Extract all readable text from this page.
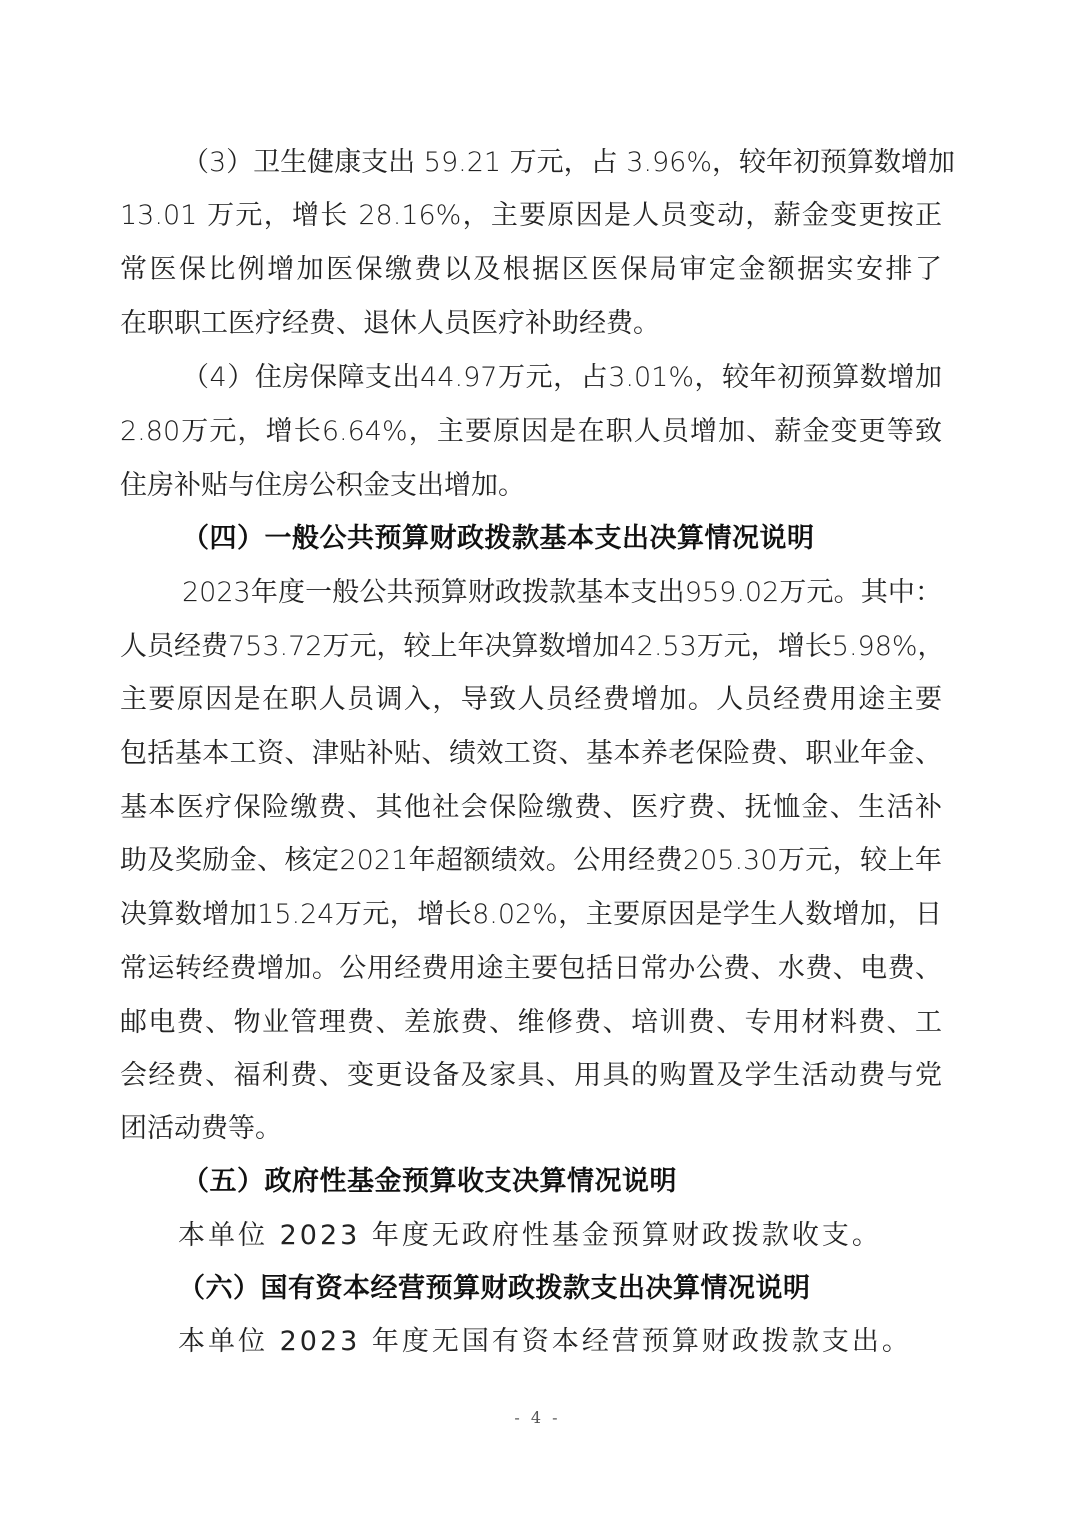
（3）卫生健康支出 59.21 万元，占 3.96%，较年初预算数增加
13.01 万元，增长 28.16%，主要原因是人员变动，薪金变更按正
常医保比例增加医保缴费以及根据区医保局审定金额据实安排了
在职职工医疗经费、退休人员医疗补助经费。
（4）住房保障支出44.97万元，占3.01%，较年初预算数增加
2.80万元，增长6.64%，主要原因是在职人员增加、薪金变更等致
住房补贴与住房公积金支出增加。
（四）一般公共预算财政拨款基本支出决算情况说明
2023年度一般公共预算财政拨款基本支出959.02万元。其中：
人员经费753.72万元，较上年决算数增加42.53万元，增长5.98%，
主要原因是在职人员调入，导致人员经费增加。人员经费用途主要
包括基本工资、津贴补贴、绩效工资、基本养老保险费、职业年金、
基本医疗保险缴费、其他社会保险缴费、医疗费、抚恤金、生活补
助及奖励金、核定2021年超额绩效。公用经费205.30万元，较上年
决算数增加15.24万元，增长8.02%，主要原因是学生人数增加，日
常运转经费增加。公用经费用途主要包括日常办公费、水费、电费、
邮电费、物业管理费、差旅费、维修费、培训费、专用材料费、工
会经费、福利费、变更设备及家具、用具的购置及学生活动费与党
团活动费等。
（五）政府性基金预算收支决算情况说明
本单位 2023 年度无政府性基金预算财政拨款收支。
（六）国有资本经营预算财政拨款支出决算情况说明
本单位 2023 年度无国有资本经营预算财政拨款支出。
- 4 -
